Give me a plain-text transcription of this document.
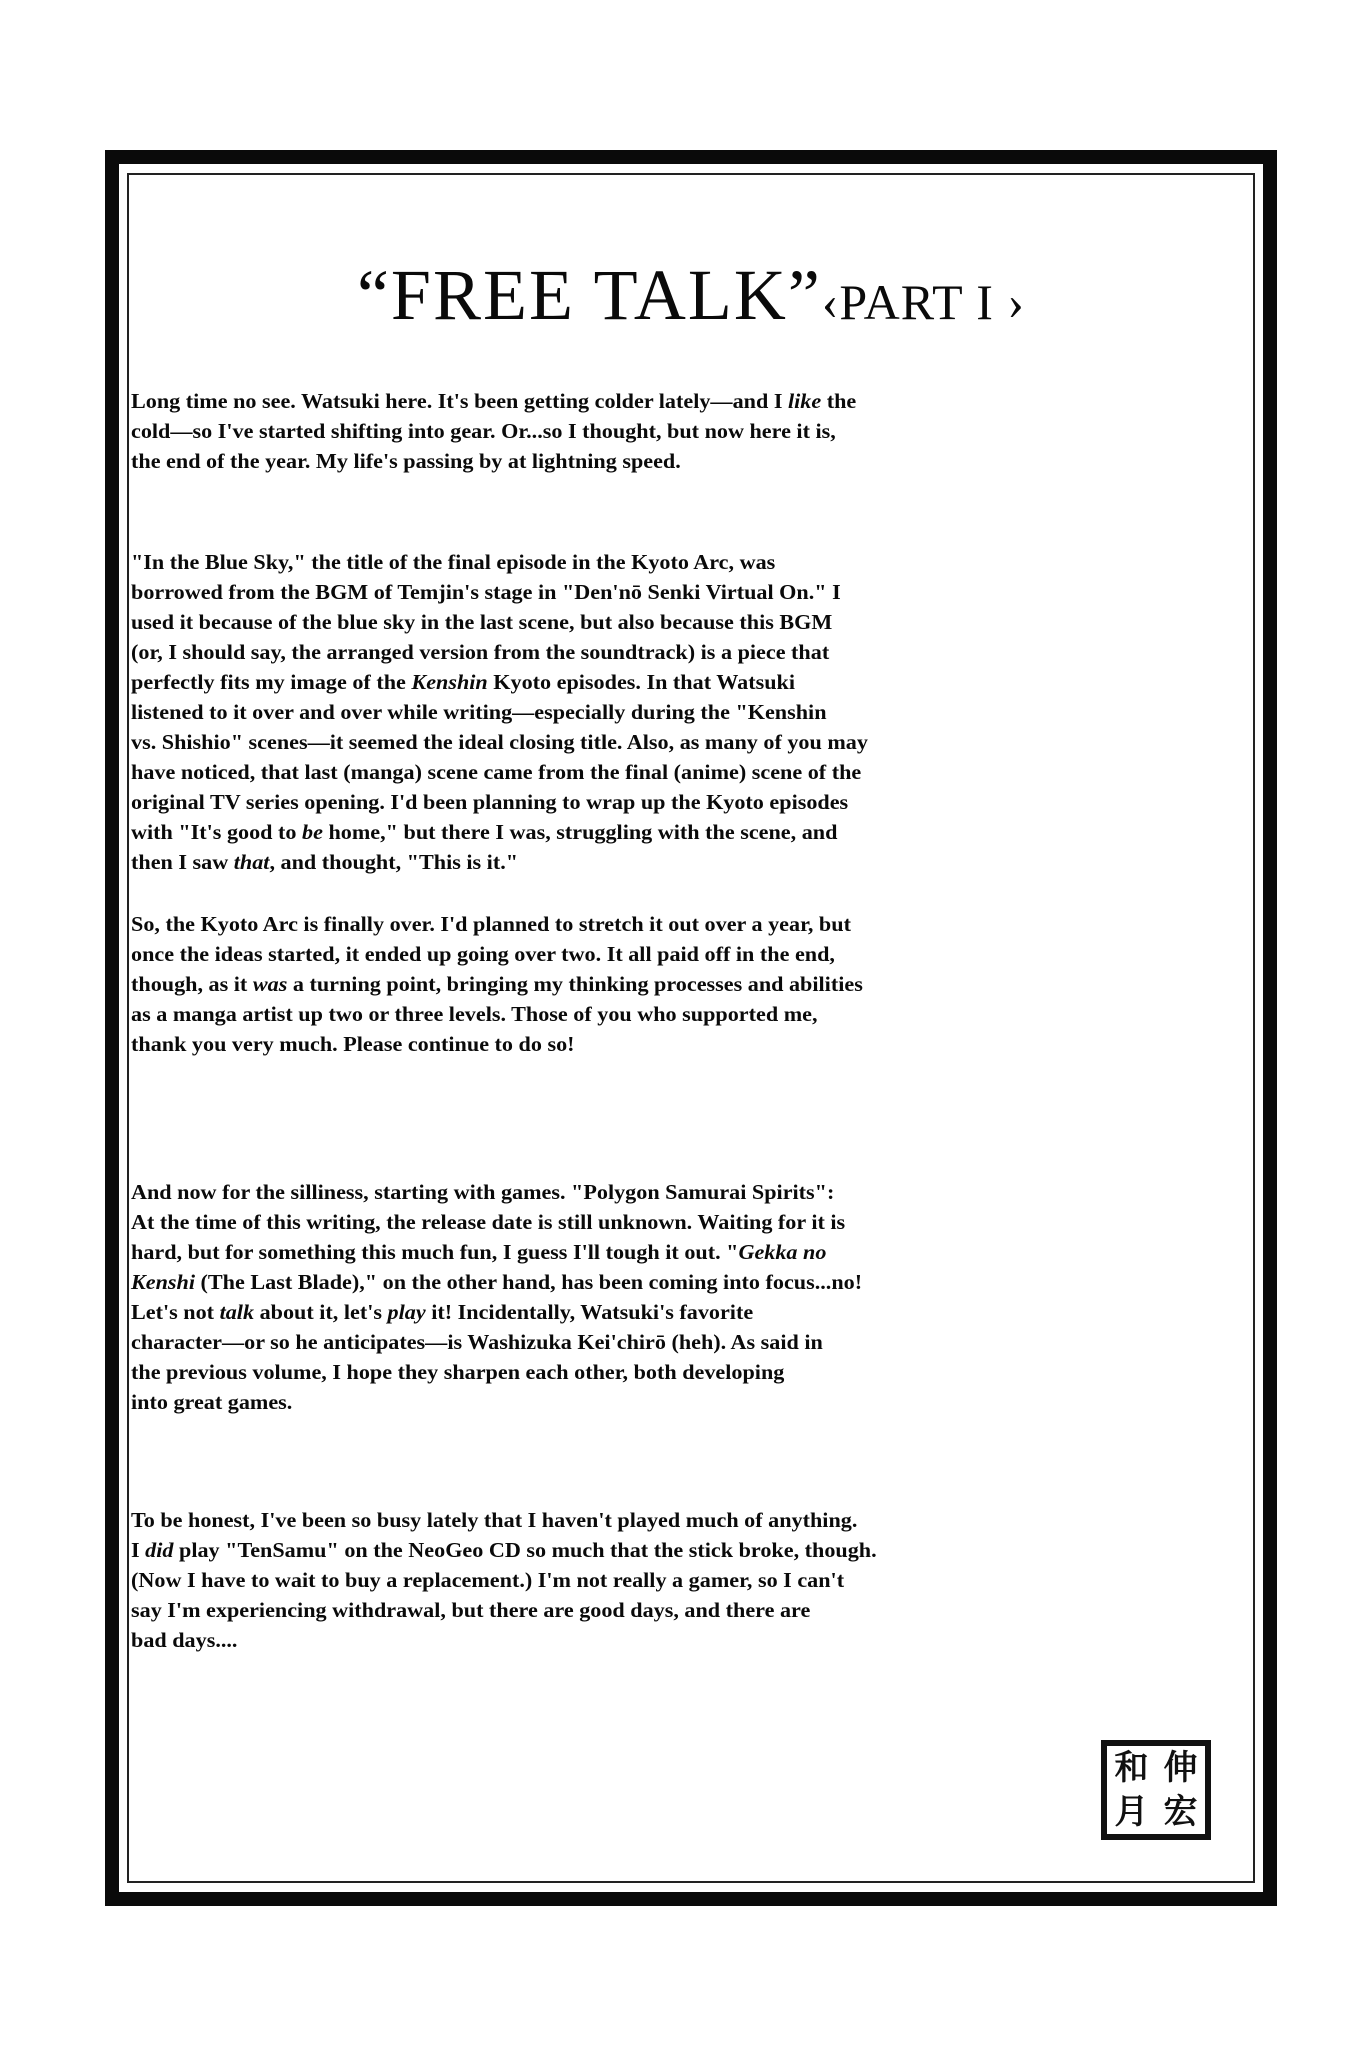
“FREE TALK”‹PART I ›
Long time no see. Watsuki here. It's been getting colder lately—and I like the
cold—so I've started shifting into gear. Or...so I thought, but now here it is,
the end of the year. My life's passing by at lightning speed.
"In the Blue Sky," the title of the final episode in the Kyoto Arc, was
borrowed from the BGM of Temjin's stage in "Den'nō Senki Virtual On." I
used it because of the blue sky in the last scene, but also because this BGM
(or, I should say, the arranged version from the soundtrack) is a piece that
perfectly fits my image of the Kenshin Kyoto episodes. In that Watsuki
listened to it over and over while writing—especially during the "Kenshin
vs. Shishio" scenes—it seemed the ideal closing title. Also, as many of you may
have noticed, that last (manga) scene came from the final (anime) scene of the
original TV series opening. I'd been planning to wrap up the Kyoto episodes
with "It's good to be home," but there I was, struggling with the scene, and
then I saw that, and thought, "This is it."
So, the Kyoto Arc is finally over. I'd planned to stretch it out over a year, but
once the ideas started, it ended up going over two. It all paid off in the end,
though, as it was a turning point, bringing my thinking processes and abilities
as a manga artist up two or three levels. Those of you who supported me,
thank you very much. Please continue to do so!
And now for the silliness, starting with games. "Polygon Samurai Spirits":
At the time of this writing, the release date is still unknown. Waiting for it is
hard, but for something this much fun, I guess I'll tough it out. "Gekka no
Kenshi (The Last Blade)," on the other hand, has been coming into focus...no!
Let's not talk about it, let's play it! Incidentally, Watsuki's favorite
character—or so he anticipates—is Washizuka Kei'chirō (heh). As said in
the previous volume, I hope they sharpen each other, both developing
into great games.
To be honest, I've been so busy lately that I haven't played much of anything.
I did play "TenSamu" on the NeoGeo CD so much that the stick broke, though.
(Now I have to wait to buy a replacement.) I'm not really a gamer, so I can't
say I'm experiencing withdrawal, but there are good days, and there are
bad days....
和 伸
月 宏
